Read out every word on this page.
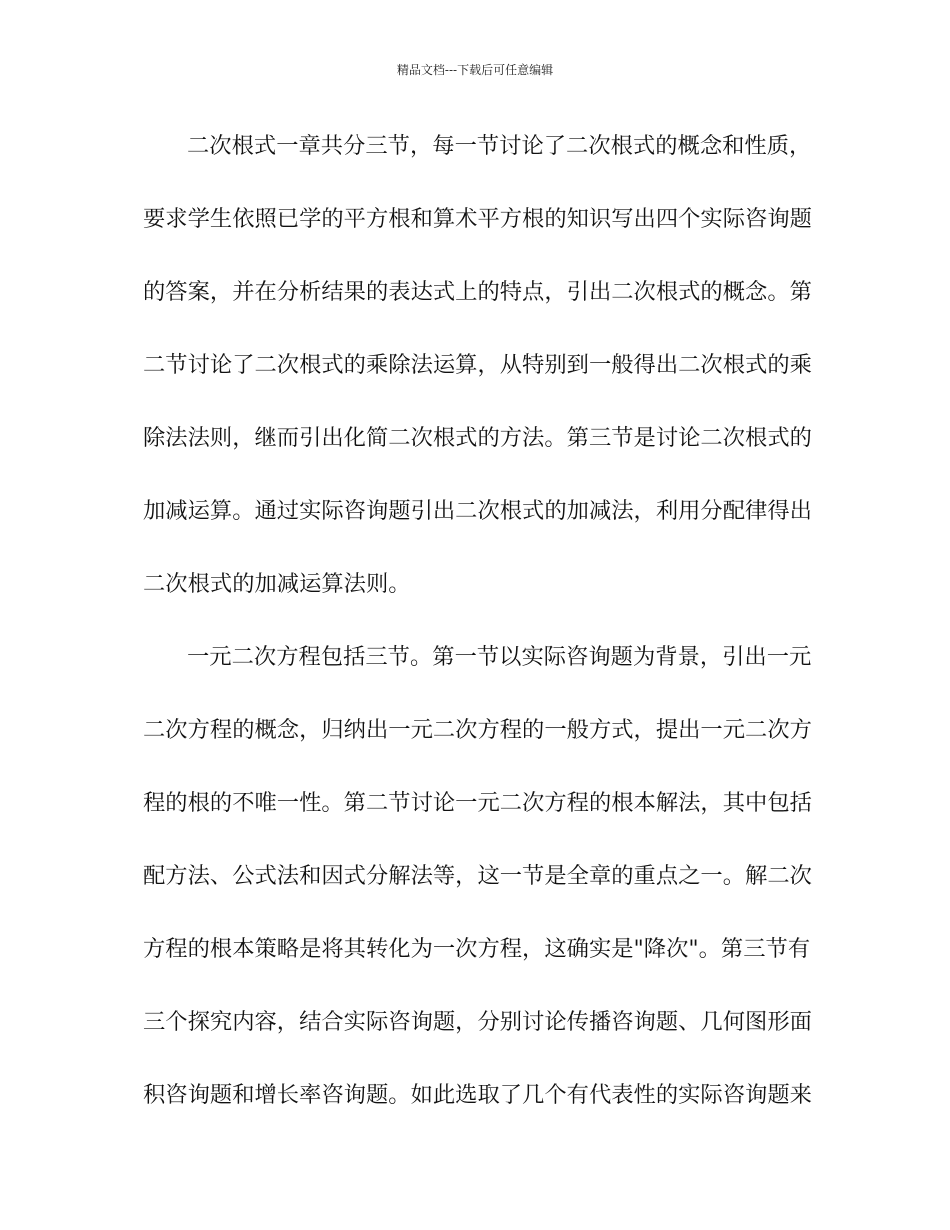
精品文档---下载后可任意编辑
二次根式一章共分三节，每一节讨论了二次根式的概念和性质，
要求学生依照已学的平方根和算术平方根的知识写出四个实际咨询题
的答案，并在分析结果的表达式上的特点，引出二次根式的概念。第
二节讨论了二次根式的乘除法运算，从特别到一般得出二次根式的乘
除法法则，继而引出化简二次根式的方法。第三节是讨论二次根式的
加减运算。通过实际咨询题引出二次根式的加减法，利用分配律得出
二次根式的加减运算法则。
一元二次方程包括三节。第一节以实际咨询题为背景，引出一元
二次方程的概念，归纳出一元二次方程的一般方式，提出一元二次方
程的根的不唯一性。第二节讨论一元二次方程的根本解法，其中包括
配方法、公式法和因式分解法等，这一节是全章的重点之一。解二次
方程的根本策略是将其转化为一次方程，这确实是"降次"。第三节有
三个探究内容，结合实际咨询题，分别讨论传播咨询题、几何图形面
积咨询题和增长率咨询题。如此选取了几个有代表性的实际咨询题来
